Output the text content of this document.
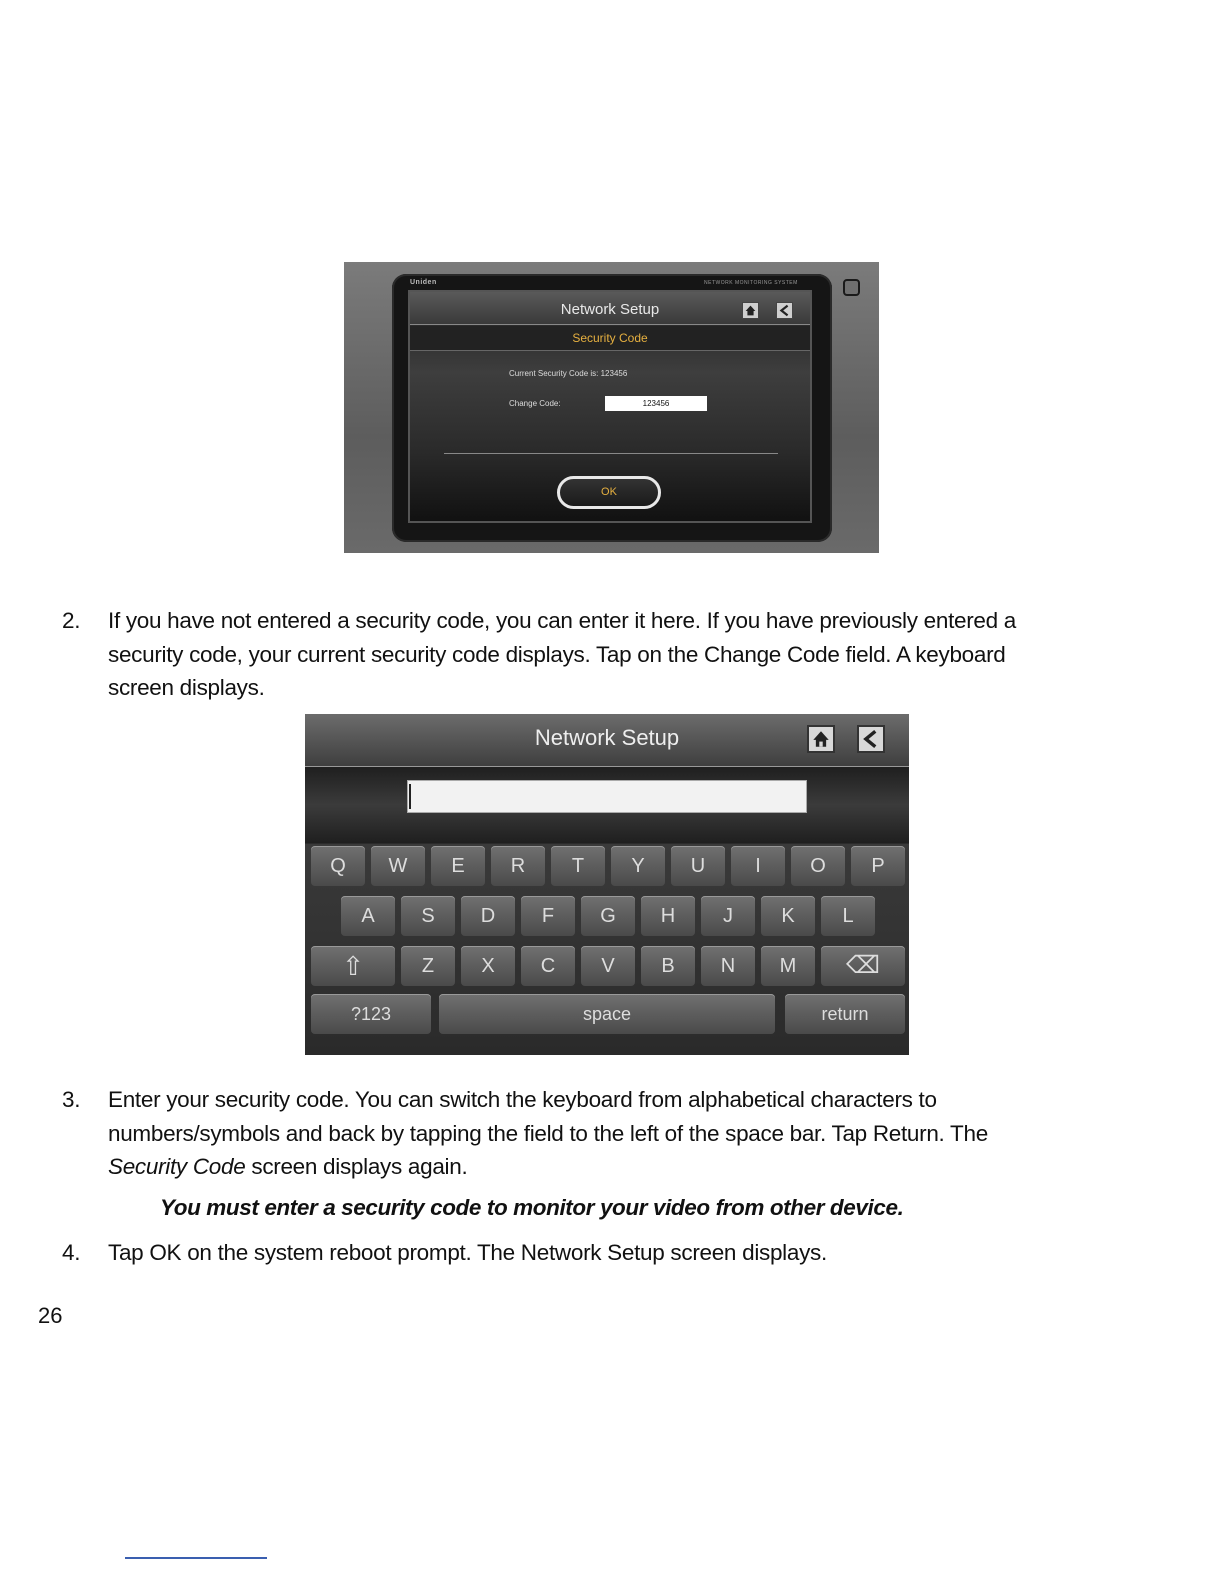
Uniden	NETWORK MONITORING SYSTEM
Network Setup
Security Code
Current Security Code is: 123456
Change Code:	123456
OK
2.	If you have not entered a security code, you can enter it here. If you have previously entered a
security code, your current security code displays. Tap on the Change Code field. A keyboard
screen displays.
Network Setup
Q	W	E	R	T	Y	U	I	O	P
A	S	D	F	G	H	J	K	L
⇧	Z	X	C	V	B	N	M	⌫
?123	space	return
3.	Enter your security code. You can switch the keyboard from alphabetical characters to
numbers/symbols and back by tapping the field to the left of the space bar. Tap Return. The
Security Code screen displays again.
You must enter a security code to monitor your video from other device.
4.	Tap OK on the system reboot prompt. The Network Setup screen displays.
26
